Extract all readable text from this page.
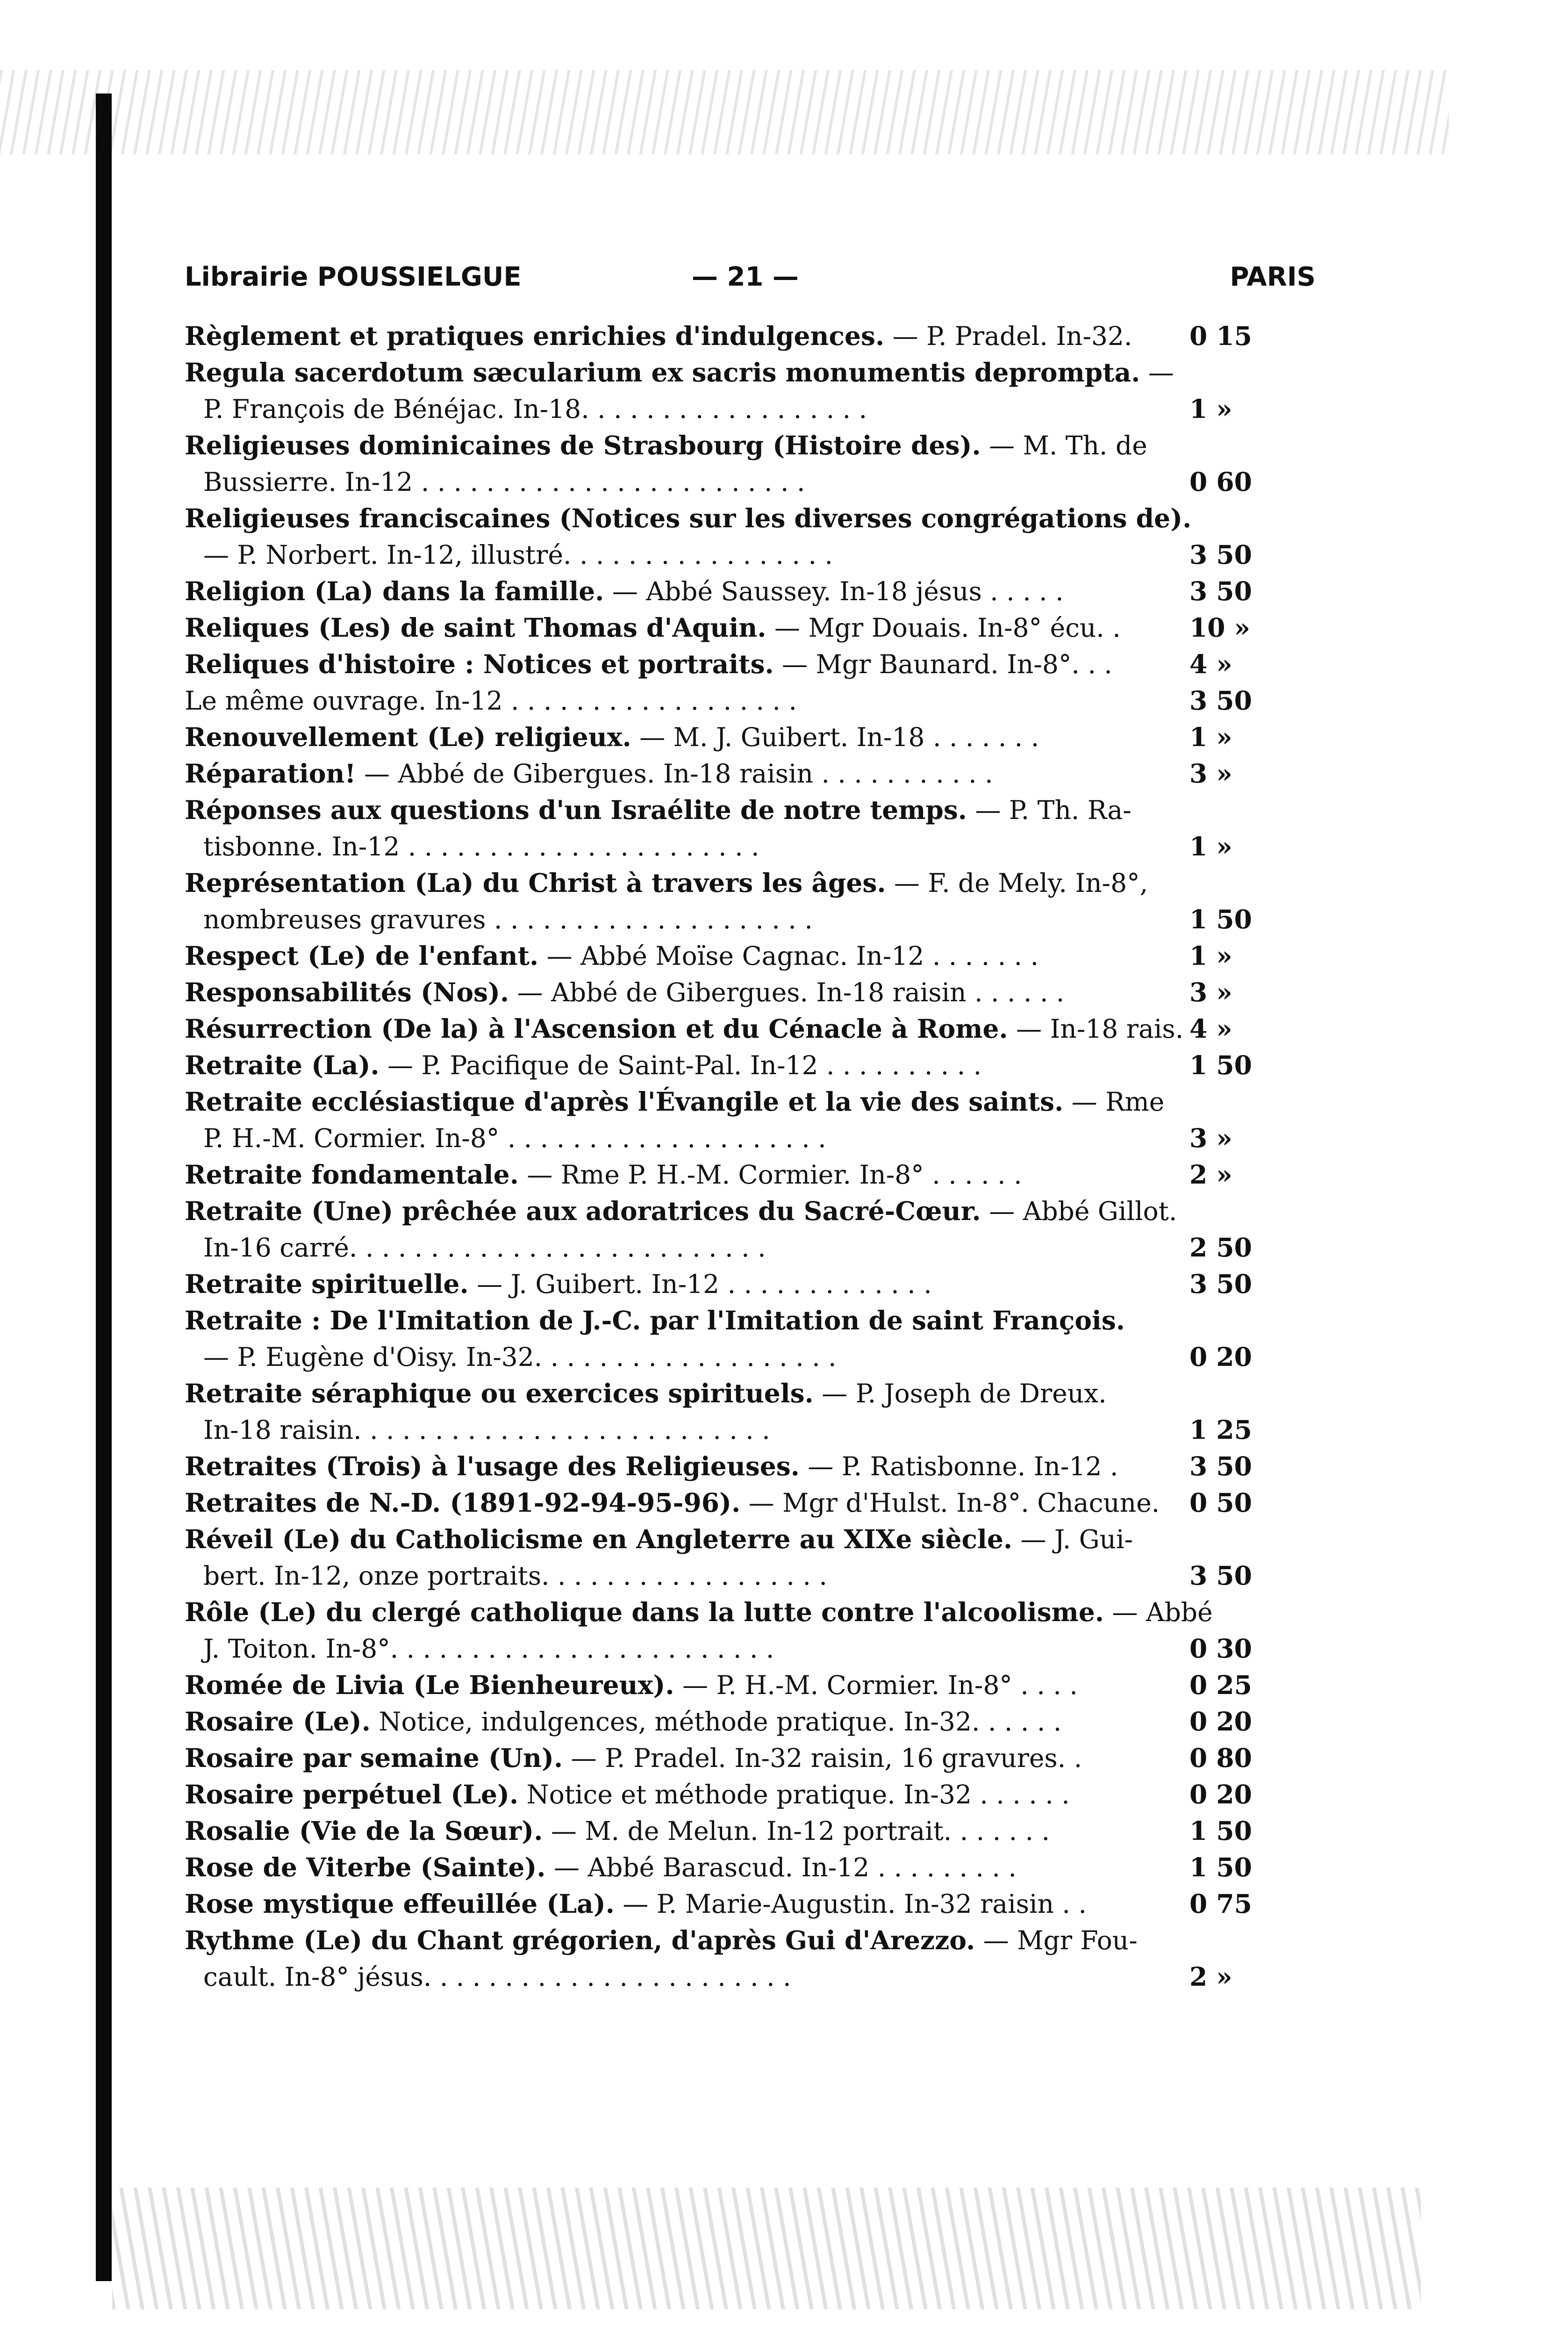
Librairie POUSSIELGUE	— 21 —	PARIS
Règlement et pratiques enrichies d'indulgences. — P. Pradel. In-32. 0 15
Regula sacerdotum sæcularium ex sacris monumentis deprompta. —
P. François de Bénéjac. In-18. . . . . . . . . . . . . . . . . .	1 »
Religieuses dominicaines de Strasbourg (Histoire des). — M. Th. de
Bussierre. In-12 . . . . . . . . . . . . . . . . . . . . . . . .	0 60
Religieuses franciscaines (Notices sur les diverses congrégations de).
— P. Norbert. In-12, illustré. . . . . . . . . . . . . . . . .	3 50
Religion (La) dans la famille. — Abbé Saussey. In-18 jésus . . . . .	3 50
Reliques (Les) de saint Thomas d'Aquin. — Mgr Douais. In-8° écu. .	10 »
Reliques d'histoire : Notices et portraits. — Mgr Baunard. In-8°. . .	4 »
Le même ouvrage. In-12 . . . . . . . . . . . . . . . . . .	3 50
Renouvellement (Le) religieux. — M. J. Guibert. In-18 . . . . . . .	1 »
Réparation! — Abbé de Gibergues. In-18 raisin . . . . . . . . . . .	3 »
Réponses aux questions d'un Israélite de notre temps. — P. Th. Ra-
tisbonne. In-12 . . . . . . . . . . . . . . . . . . . . . .	1 »
Représentation (La) du Christ à travers les âges. — F. de Mely. In-8°,
nombreuses gravures . . . . . . . . . . . . . . . . . . . .	1 50
Respect (Le) de l'enfant. — Abbé Moïse Cagnac. In-12 . . . . . . .	1 »
Responsabilités (Nos). — Abbé de Gibergues. In-18 raisin . . . . . .	3 »
Résurrection (De la) à l'Ascension et du Cénacle à Rome. — In-18 rais. 4 »
Retraite (La). — P. Pacifique de Saint-Pal. In-12 . . . . . . . . . .	1 50
Retraite ecclésiastique d'après l'Évangile et la vie des saints. — Rme
P. H.-M. Cormier. In-8° . . . . . . . . . . . . . . . . . . . .	3 »
Retraite fondamentale. — Rme P. H.-M. Cormier. In-8° . . . . . .	2 »
Retraite (Une) prêchée aux adoratrices du Sacré-Cœur. — Abbé Gillot.
In-16 carré. . . . . . . . . . . . . . . . . . . . . . . . . .	2 50
Retraite spirituelle. — J. Guibert. In-12 . . . . . . . . . . . . .	3 50
Retraite : De l'Imitation de J.-C. par l'Imitation de saint François.
— P. Eugène d'Oisy. In-32. . . . . . . . . . . . . . . . . . .	0 20
Retraite séraphique ou exercices spirituels. — P. Joseph de Dreux.
In-18 raisin. . . . . . . . . . . . . . . . . . . . . . . . . .	1 25
Retraites (Trois) à l'usage des Religieuses. — P. Ratisbonne. In-12 .	3 50
Retraites de N.-D. (1891-92-94-95-96). — Mgr d'Hulst. In-8°. Chacune. 0 50
Réveil (Le) du Catholicisme en Angleterre au XIXe siècle. — J. Gui-
bert. In-12, onze portraits. . . . . . . . . . . . . . . . . .	3 50
Rôle (Le) du clergé catholique dans la lutte contre l'alcoolisme. — Abbé
J. Toiton. In-8°. . . . . . . . . . . . . . . . . . . . . . . .	0 30
Romée de Livia (Le Bienheureux). — P. H.-M. Cormier. In-8° . . . .	0 25
Rosaire (Le). Notice, indulgences, méthode pratique. In-32. . . . . .	0 20
Rosaire par semaine (Un). — P. Pradel. In-32 raisin, 16 gravures. .	0 80
Rosaire perpétuel (Le). Notice et méthode pratique. In-32 . . . . . .	0 20
Rosalie (Vie de la Sœur). — M. de Melun. In-12 portrait. . . . . . .	1 50
Rose de Viterbe (Sainte). — Abbé Barascud. In-12 . . . . . . . . .	1 50
Rose mystique effeuillée (La). — P. Marie-Augustin. In-32 raisin . .	0 75
Rythme (Le) du Chant grégorien, d'après Gui d'Arezzo. — Mgr Fou-
cault. In-8° jésus. . . . . . . . . . . . . . . . . . . . . . .	2 »
